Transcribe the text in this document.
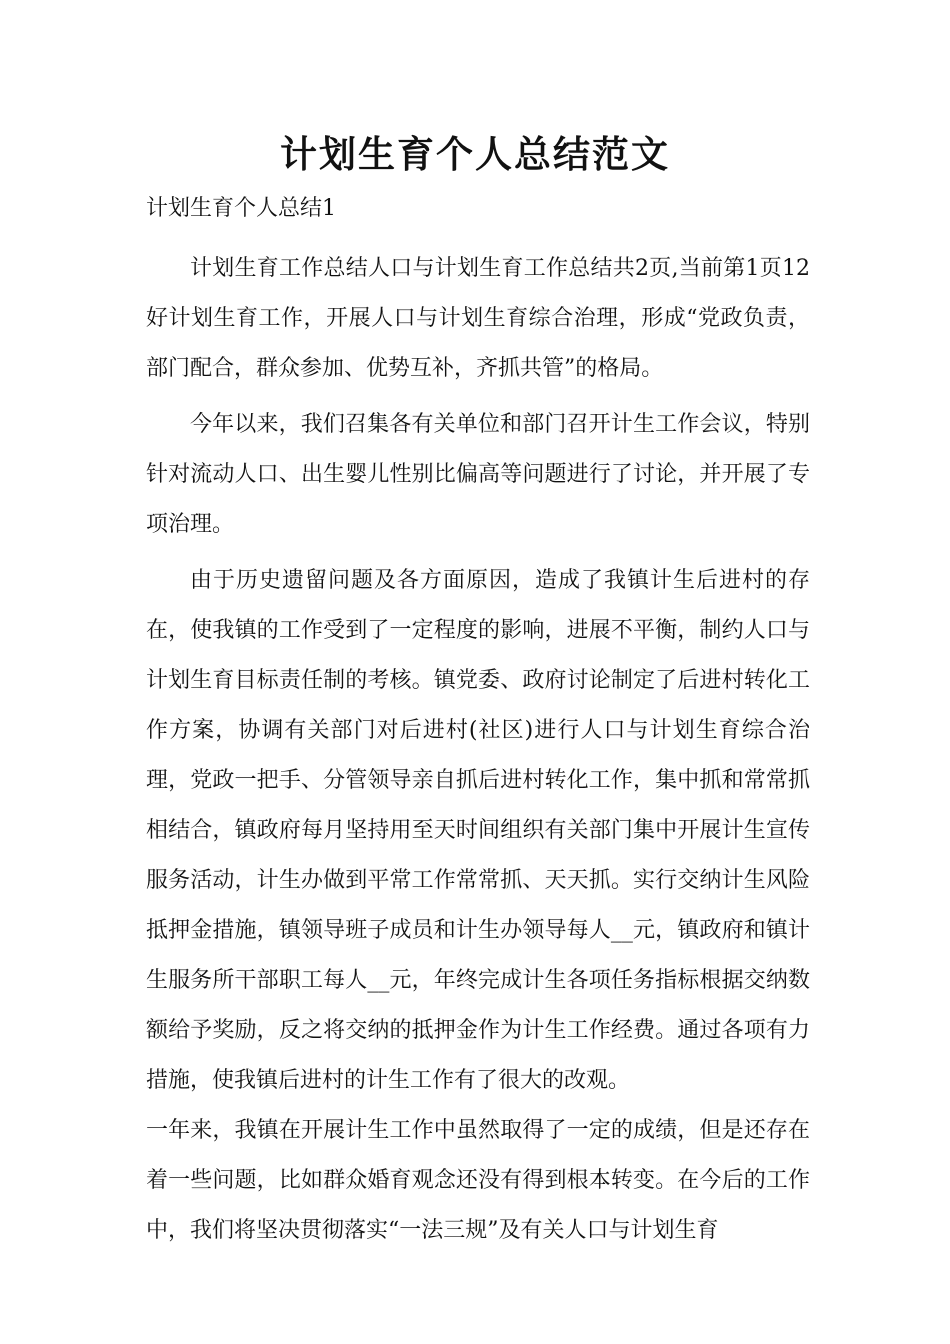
计划生育个人总结范文

计划生育个人总结1

计划生育工作总结人口与计划生育工作总结共2页,当前第1页12好计划生育工作，开展人口与计划生育综合治理，形成“党政负责，部门配合，群众参加、优势互补，齐抓共管”的格局。

今年以来，我们召集各有关单位和部门召开计生工作会议，特别针对流动人口、出生婴儿性别比偏高等问题进行了讨论，并开展了专项治理。

由于历史遗留问题及各方面原因，造成了我镇计生后进村的存在，使我镇的工作受到了一定程度的影响，进展不平衡，制约人口与计划生育目标责任制的考核。镇党委、政府讨论制定了后进村转化工作方案，协调有关部门对后进村(社区)进行人口与计划生育综合治理，党政一把手、分管领导亲自抓后进村转化工作，集中抓和常常抓相结合，镇政府每月坚持用至天时间组织有关部门集中开展计生宣传服务活动，计生办做到平常工作常常抓、天天抓。实行交纳计生风险抵押金措施，镇领导班子成员和计生办领导每人__元，镇政府和镇计生服务所干部职工每人__元，年终完成计生各项任务指标根据交纳数额给予奖励，反之将交纳的抵押金作为计生工作经费。通过各项有力措施，使我镇后进村的计生工作有了很大的改观。

一年来，我镇在开展计生工作中虽然取得了一定的成绩，但是还存在着一些问题，比如群众婚育观念还没有得到根本转变。在今后的工作中，我们将坚决贯彻落实“一法三规”及有关人口与计划生育
